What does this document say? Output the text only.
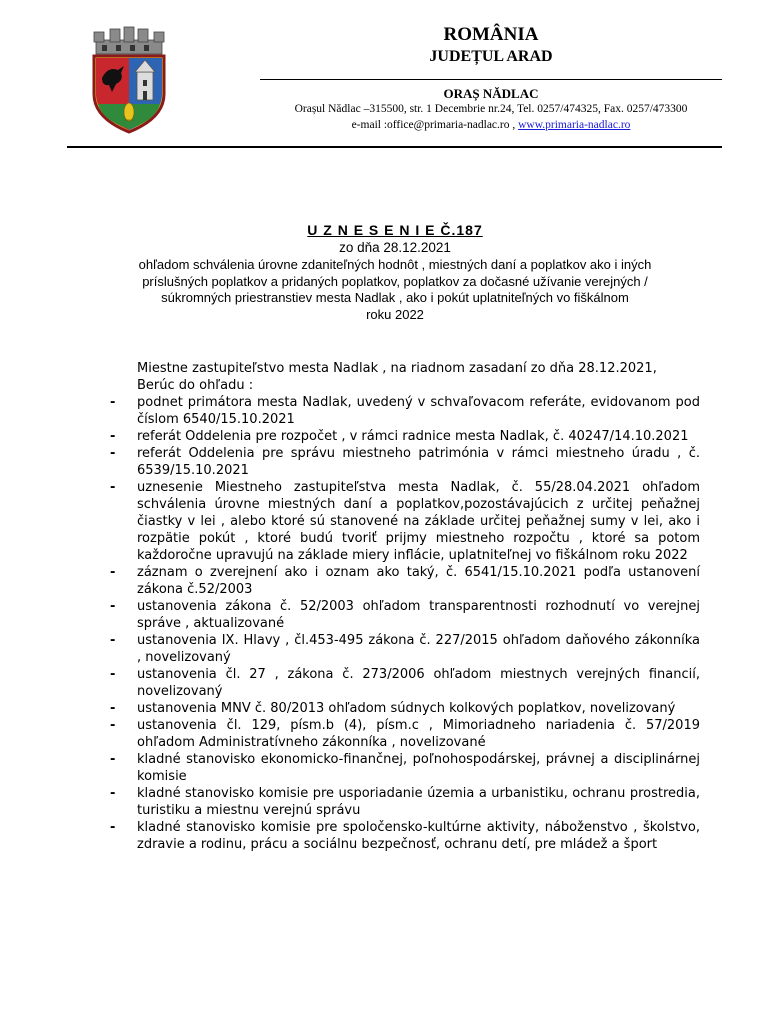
ROMÂNIA
JUDEȚUL ARAD
ORAȘ NĂDLAC
Orașul Nădlac –315500, str. 1 Decembrie nr.24, Tel. 0257/474325, Fax. 0257/473300
e-mail :office@primaria-nadlac.ro , www.primaria-nadlac.ro
U Z N E S E N I E Č.187
zo dňa 28.12.2021
ohľadom schválenia úrovne zdaniteľných hodnôt , miestných daní a poplatkov ako i iných
príslušných poplatkov a pridaných poplatkov, poplatkov za dočasné užívanie verejných /
súkromných priestranstiev mesta Nadlak , ako i pokút uplatniteľných vo fiškálnom
roku 2022
Miestne zastupiteľstvo mesta Nadlak , na riadnom zasadaní zo dňa 28.12.2021,
Berúc do ohľadu :
-	podnet primátora mesta Nadlak, uvedený v schvaľovacom referáte, evidovanom pod číslom 6540/15.10.2021
-	referát Oddelenia pre rozpočet , v rámci radnice mesta Nadlak, č. 40247/14.10.2021
-	referát Oddelenia pre správu miestneho patrimónia v rámci miestneho úradu , č. 6539/15.10.2021
-	uznesenie Miestneho zastupiteľstva mesta Nadlak, č. 55/28.04.2021 ohľadom schválenia úrovne miestných daní a poplatkov,pozostávajúcich z určitej peňažnej čiastky v lei , alebo ktoré sú stanovené na základe určitej peňažnej sumy v lei, ako i rozpätie pokút , ktoré budú tvoriť prijmy miestneho rozpočtu , ktoré sa potom každoročne upravujú na základe miery inflácie, uplatniteľnej vo fiškálnom roku 2022
-	záznam o zverejnení ako i oznam ako taký, č. 6541/15.10.2021 podľa ustanovení zákona č.52/2003
-	ustanovenia zákona č. 52/2003 ohľadom transparentnosti rozhodnutí vo verejnej správe , aktualizované
-	ustanovenia IX. Hlavy , čl.453-495 zákona č. 227/2015 ohľadom daňového zákonníka , novelizovaný
-	ustanovenia čl. 27 , zákona č. 273/2006 ohľadom miestnych verejných financií, novelizovaný
-	ustanovenia MNV č. 80/2013 ohľadom súdnych kolkových poplatkov, novelizovaný
-	ustanovenia čl. 129, písm.b (4), písm.c , Mimoriadneho nariadenia č. 57/2019 ohľadom Administratívneho zákonníka , novelizované
-	kladné stanovisko ekonomicko-finančnej, poľnohospodárskej, právnej a disciplinárnej komisie
-	kladné stanovisko komisie pre usporiadanie územia a urbanistiku, ochranu prostredia, turistiku a miestnu verejnú správu
-	kladné stanovisko komisie pre spoločensko-kultúrne aktivity, náboženstvo , školstvo, zdravie a rodinu, prácu a sociálnu bezpečnosť, ochranu detí, pre mládež a šport
